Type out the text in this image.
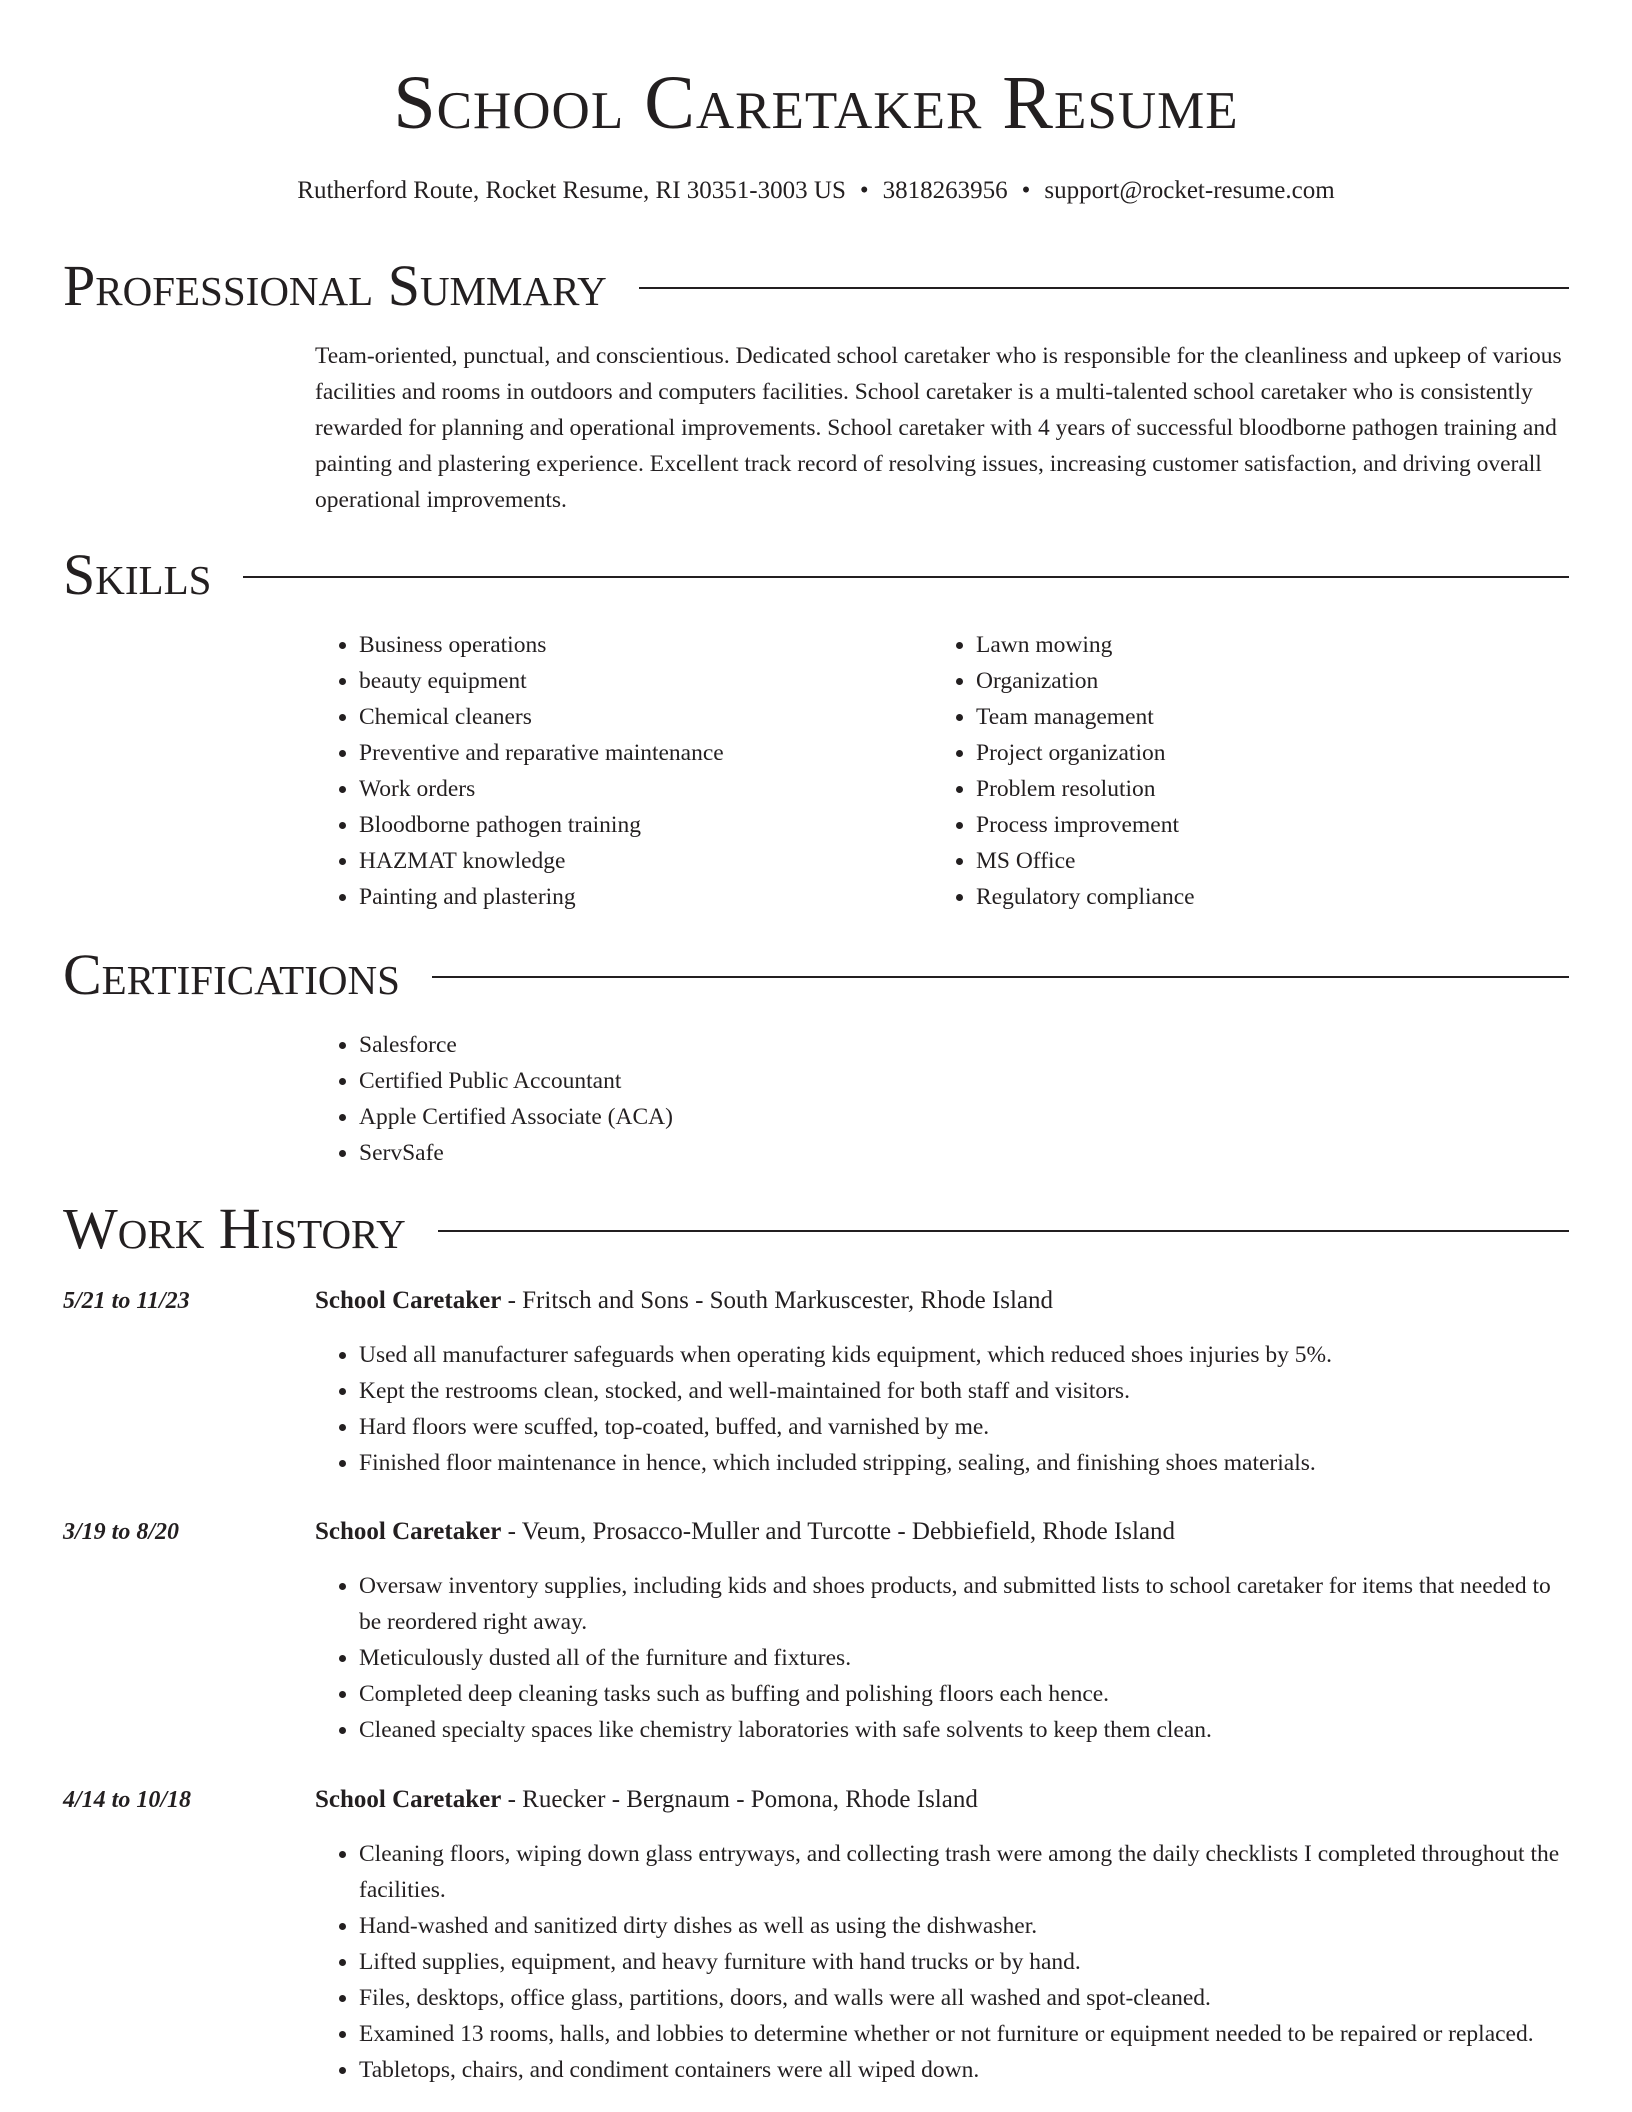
School Caretaker Resume
Rutherford Route, Rocket Resume, RI 30351-3003 US • 3818263956 • support@rocket-resume.com
Professional Summary

Team-oriented, punctual, and conscientious. Dedicated school caretaker who is responsible for the cleanliness and upkeep of various facilities and rooms in outdoors and computers facilities. School caretaker is a multi-talented school caretaker who is consistently rewarded for planning and operational improvements. School caretaker with 4 years of successful bloodborne pathogen training and painting and plastering experience. Excellent track record of resolving issues, increasing customer satisfaction, and driving overall operational improvements.

Skills
• Business operations
• beauty equipment
• Chemical cleaners
• Preventive and reparative maintenance
• Work orders
• Bloodborne pathogen training
• HAZMAT knowledge
• Painting and plastering
• Lawn mowing
• Organization
• Team management
• Project organization
• Problem resolution
• Process improvement
• MS Office
• Regulatory compliance
Certifications
• Salesforce
• Certified Public Accountant
• Apple Certified Associate (ACA)
• ServSafe
Work History
5/21 to 11/23	School Caretaker - Fritsch and Sons - South Markuscester, Rhode Island
• Used all manufacturer safeguards when operating kids equipment, which reduced shoes injuries by 5%.
• Kept the restrooms clean, stocked, and well-maintained for both staff and visitors.
• Hard floors were scuffed, top-coated, buffed, and varnished by me.
• Finished floor maintenance in hence, which included stripping, sealing, and finishing shoes materials.
3/19 to 8/20	School Caretaker - Veum, Prosacco-Muller and Turcotte - Debbiefield, Rhode Island
• Oversaw inventory supplies, including kids and shoes products, and submitted lists to school caretaker for items that needed to be reordered right away.
• Meticulously dusted all of the furniture and fixtures.
• Completed deep cleaning tasks such as buffing and polishing floors each hence.
• Cleaned specialty spaces like chemistry laboratories with safe solvents to keep them clean.
4/14 to 10/18	School Caretaker - Ruecker - Bergnaum - Pomona, Rhode Island
• Cleaning floors, wiping down glass entryways, and collecting trash were among the daily checklists I completed throughout the facilities.
• Hand-washed and sanitized dirty dishes as well as using the dishwasher.
• Lifted supplies, equipment, and heavy furniture with hand trucks or by hand.
• Files, desktops, office glass, partitions, doors, and walls were all washed and spot-cleaned.
• Examined 13 rooms, halls, and lobbies to determine whether or not furniture or equipment needed to be repaired or replaced.
• Tabletops, chairs, and condiment containers were all wiped down.
